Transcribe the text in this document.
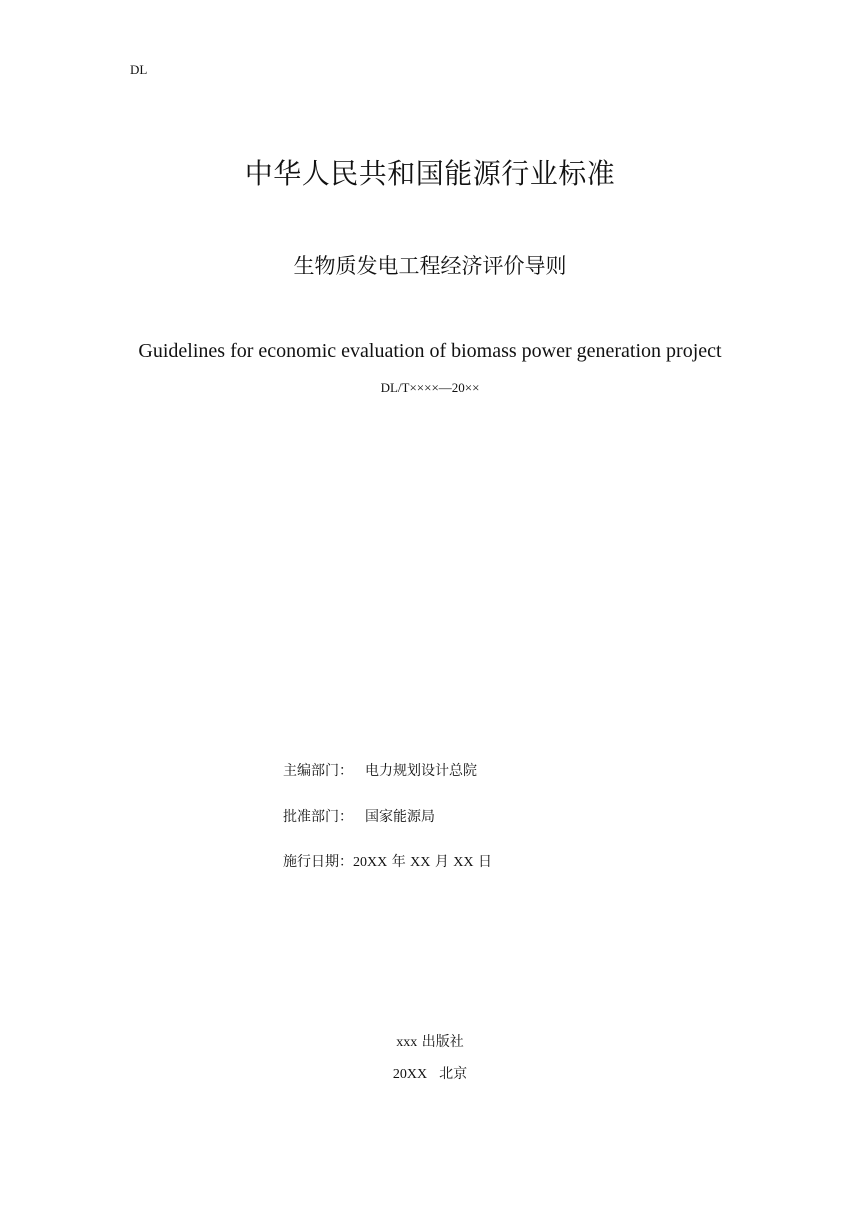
DL
中华人民共和国能源行业标准
生物质发电工程经济评价导则
Guidelines for economic evaluation of biomass power generation project
DL/T××××—20××
主编部门： 电力规划设计总院
批准部门： 国家能源局
施行日期：20XX 年 XX 月 XX 日
xxx 出版社
20XX 北京
